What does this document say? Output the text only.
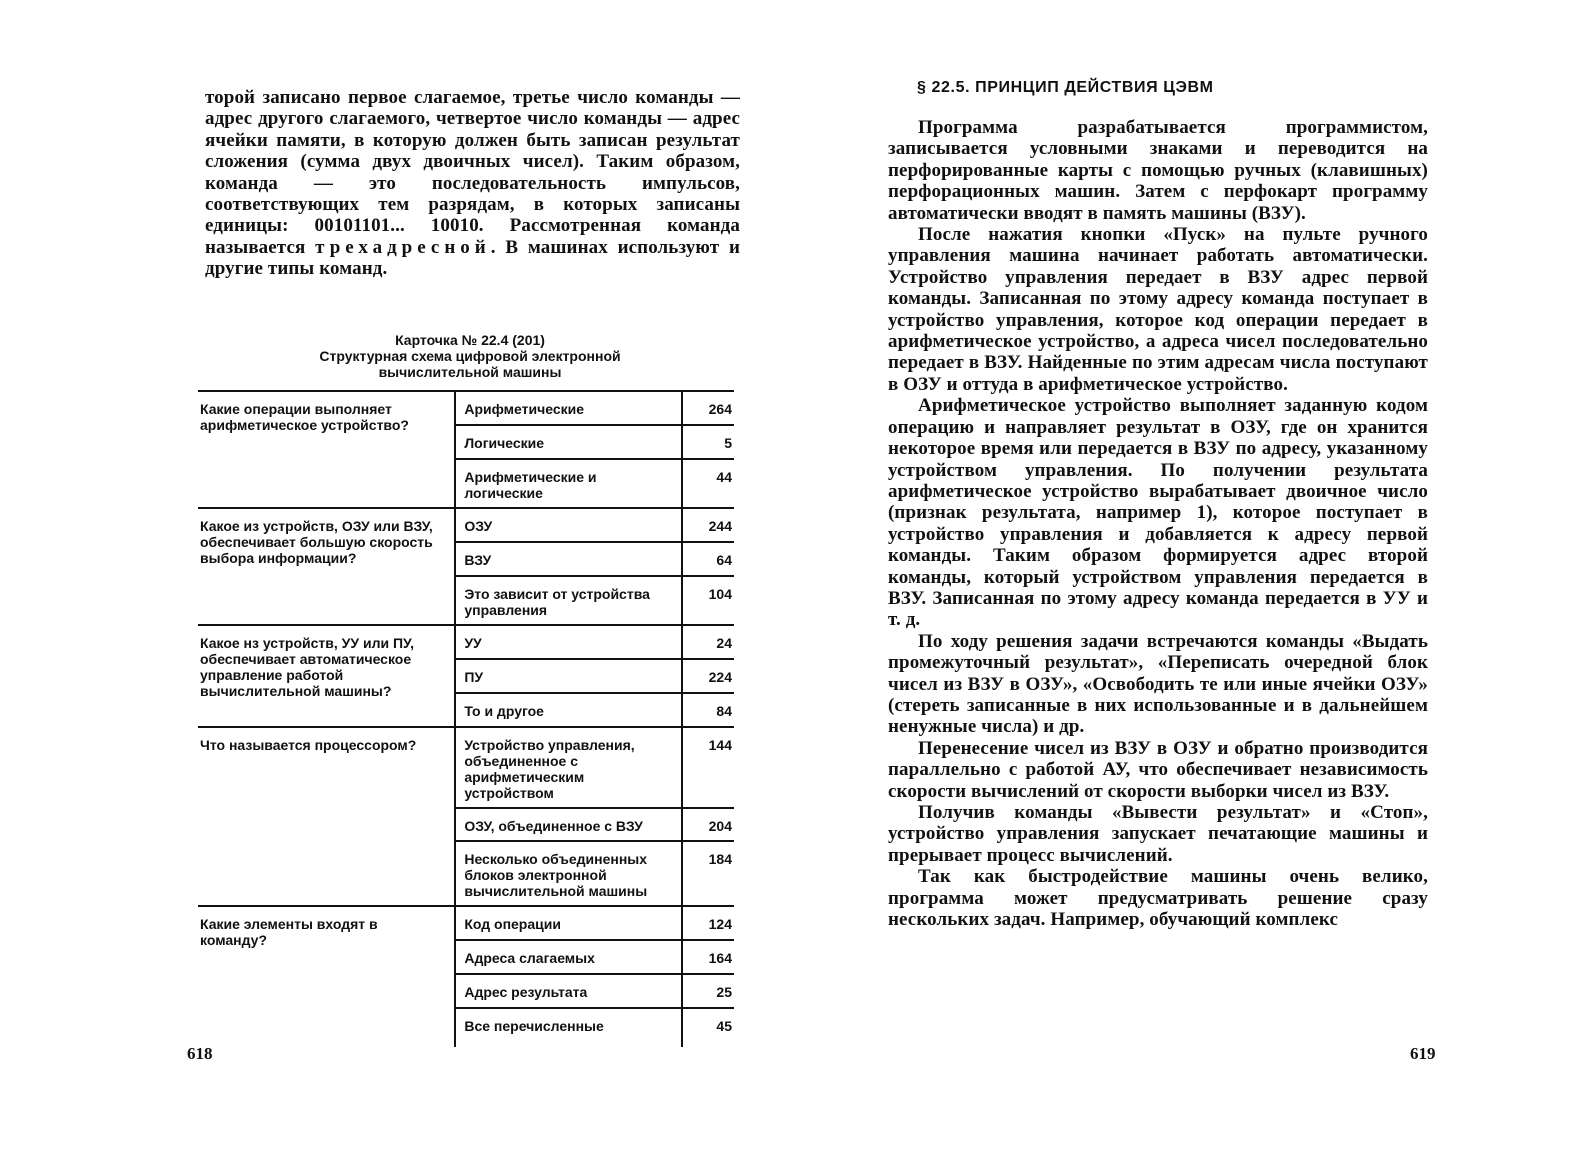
торой записано первое слагаемое, третье число команды — адрес другого слагаемого, четвертое число команды — адрес ячейки памяти, в которую должен быть записан результат сложения (сумма двух двоичных чисел). Таким образом, команда — это последовательность импульсов, соответствующих тем разрядам, в которых записаны единицы: 00101101... 10010. Рассмотренная команда называется трехадресной. В машинах используют и другие типы команд.

Карточка № 22.4 (201)
Структурная схема цифровой электронной вычислительной машины
Какие операции выполняет арифметическое устройство?	Арифметические	264
	Логические	5
	Арифметические и логические	44
Какое из устройств, ОЗУ или ВЗУ, обеспечивает большую скорость выбора информации?	ОЗУ	244
	ВЗУ	64
	Это зависит от устройства управления	104
Какое нз устройств, УУ или ПУ, обеспечивает автоматическое управление работой вычислительной машины?	УУ	24
	ПУ	224
	То и другое	84
Что называется процессором?	Устройство управления, объединенное с арифметическим устройством	144
	ОЗУ, объединенное с ВЗУ	204
	Несколько объединенных блоков электронной вычислительной машины	184
Какие элементы входят в команду?	Код операции	124
	Адреса слагаемых	164
	Адрес результата	25
	Все перечисленные	45

618

§ 22.5. ПРИНЦИП ДЕЙСТВИЯ ЦЭВМ

Программа разрабатывается программистом, записывается условными знаками и переводится на перфорированные карты с помощью ручных (клавишных) перфорационных машин. Затем с перфокарт программу автоматически вводят в память машины (ВЗУ).

После нажатия кнопки «Пуск» на пульте ручного управления машина начинает работать автоматически. Устройство управления передает в ВЗУ адрес первой команды. Записанная по этому адресу команда поступает в устройство управления, которое код операции передает в арифметическое устройство, а адреса чисел последовательно передает в ВЗУ. Найденные по этим адресам числа поступают в ОЗУ и оттуда в арифметическое устройство.

Арифметическое устройство выполняет заданную кодом операцию и направляет результат в ОЗУ, где он хранится некоторое время или передается в ВЗУ по адресу, указанному устройством управления. По получении результата арифметическое устройство вырабатывает двоичное число (признак результата, например 1), которое поступает в устройство управления и добавляется к адресу первой команды. Таким образом формируется адрес второй команды, который устройством управления передается в ВЗУ. Записанная по этому адресу команда передается в УУ и т. д.

По ходу решения задачи встречаются команды «Выдать промежуточный результат», «Переписать очередной блок чисел из ВЗУ в ОЗУ», «Освободить те или иные ячейки ОЗУ» (стереть записанные в них использованные и в дальнейшем ненужные числа) и др.

Перенесение чисел из ВЗУ в ОЗУ и обратно производится параллельно с работой АУ, что обеспечивает независимость скорости вычислений от скорости выборки чисел из ВЗУ.

Получив команды «Вывести результат» и «Стоп», устройство управления запускает печатающие машины и прерывает процесс вычислений.

Так как быстродействие машины очень велико, программа может предусматривать решение сразу нескольких задач. Например, обучающий комплекс

619
